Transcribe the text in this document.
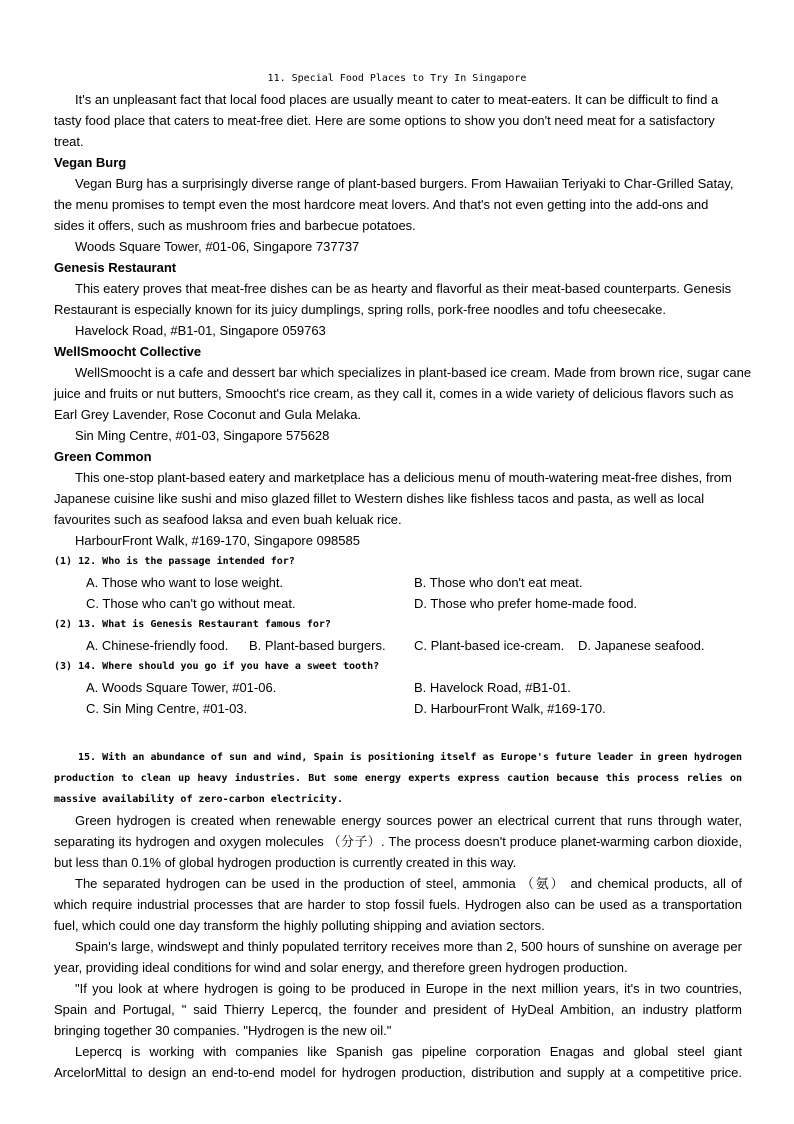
11. Special Food Places to Try In Singapore
It's an unpleasant fact that local food places are usually meant to cater to meat-eaters. It can be difficult to find a
tasty food place that caters to meat-free diet. Here are some options to show you don't need meat for a satisfactory
treat.
Vegan Burg
Vegan Burg has a surprisingly diverse range of plant-based burgers. From Hawaiian Teriyaki to Char-Grilled Satay,
the menu promises to tempt even the most hardcore meat lovers. And that's not even getting into the add-ons and
sides it offers, such as mushroom fries and barbecue potatoes.
Woods Square Tower, #01-06, Singapore 737737
Genesis Restaurant
This eatery proves that meat-free dishes can be as hearty and flavorful as their meat-based counterparts. Genesis
Restaurant is especially known for its juicy dumplings, spring rolls, pork-free noodles and tofu cheesecake.
Havelock Road, #B1-01, Singapore 059763
WellSmoocht Collective
WellSmoocht is a cafe and dessert bar which specializes in plant-based ice cream. Made from brown rice, sugar cane
juice and fruits or nut butters, Smoocht's rice cream, as they call it, comes in a wide variety of delicious flavors such as
Earl Grey Lavender, Rose Coconut and Gula Melaka.
Sin Ming Centre, #01-03, Singapore 575628
Green Common
This one-stop plant-based eatery and marketplace has a delicious menu of mouth-watering meat-free dishes, from
Japanese cuisine like sushi and miso glazed fillet to Western dishes like fishless tacos and pasta, as well as local
favourites such as seafood laksa and even buah keluak rice.
HarbourFront Walk, #169-170, Singapore 098585
(1) 12. Who is the passage intended for?
A. Those who want to lose weight.	B. Those who don't eat meat.
C. Those who can't go without meat.	D. Those who prefer home-made food.
(2) 13. What is Genesis Restaurant famous for?
A. Chinese-friendly food. B. Plant-based burgers. C. Plant-based ice-cream. D. Japanese seafood.
(3) 14. Where should you go if you have a sweet tooth?
A. Woods Square Tower, #01-06.	B. Havelock Road, #B1-01.
C. Sin Ming Centre, #01-03.	D. HarbourFront Walk, #169-170.
15. With an abundance of sun and wind, Spain is positioning itself as Europe's future leader in green hydrogen
production to clean up heavy industries. But some energy experts express caution because this process relies on
massive availability of zero-carbon electricity.
Green hydrogen is created when renewable energy sources power an electrical current that runs through water,
separating its hydrogen and oxygen molecules （分子）. The process doesn't produce planet-warming carbon dioxide,
but less than 0.1% of global hydrogen production is currently created in this way.
The separated hydrogen can be used in the production of steel, ammonia （氨） and chemical products, all of
which require industrial processes that are harder to stop fossil fuels. Hydrogen also can be used as a transportation
fuel, which could one day transform the highly polluting shipping and aviation sectors.
Spain's large, windswept and thinly populated territory receives more than 2, 500 hours of sunshine on average per
year, providing ideal conditions for wind and solar energy, and therefore green hydrogen production.
"If you look at where hydrogen is going to be produced in Europe in the next million years, it's in two countries,
Spain and Portugal, " said Thierry Lepercq, the founder and president of HyDeal Ambition, an industry platform
bringing together 30 companies. "Hydrogen is the new oil."
Lepercq is working with companies like Spanish gas pipeline corporation Enagas and global steel giant
ArcelorMittal to design an end-to-end model for hydrogen production, distribution and supply at a competitive price.
